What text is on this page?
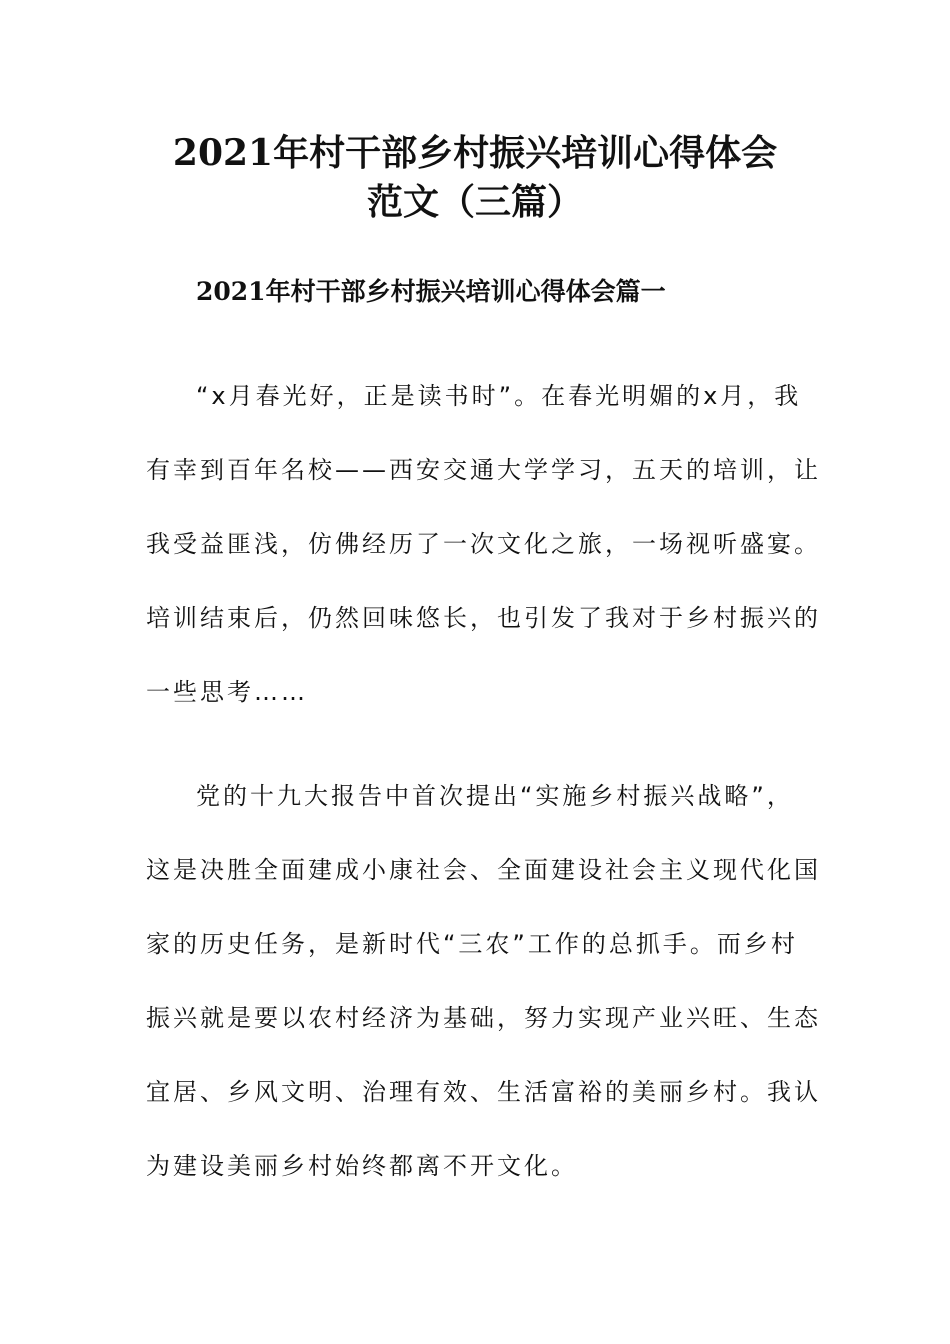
2021年村干部乡村振兴培训心得体会
范文（三篇）
2021年村干部乡村振兴培训心得体会篇一
“x月春光好，正是读书时”。在春光明媚的x月，我
有幸到百年名校——西安交通大学学习，五天的培训，让
我受益匪浅，仿佛经历了一次文化之旅，一场视听盛宴。
培训结束后，仍然回味悠长，也引发了我对于乡村振兴的
一些思考……
党的十九大报告中首次提出“实施乡村振兴战略”，
这是决胜全面建成小康社会、全面建设社会主义现代化国
家的历史任务，是新时代“三农”工作的总抓手。而乡村
振兴就是要以农村经济为基础，努力实现产业兴旺、生态
宜居、乡风文明、治理有效、生活富裕的美丽乡村。我认
为建设美丽乡村始终都离不开文化。
